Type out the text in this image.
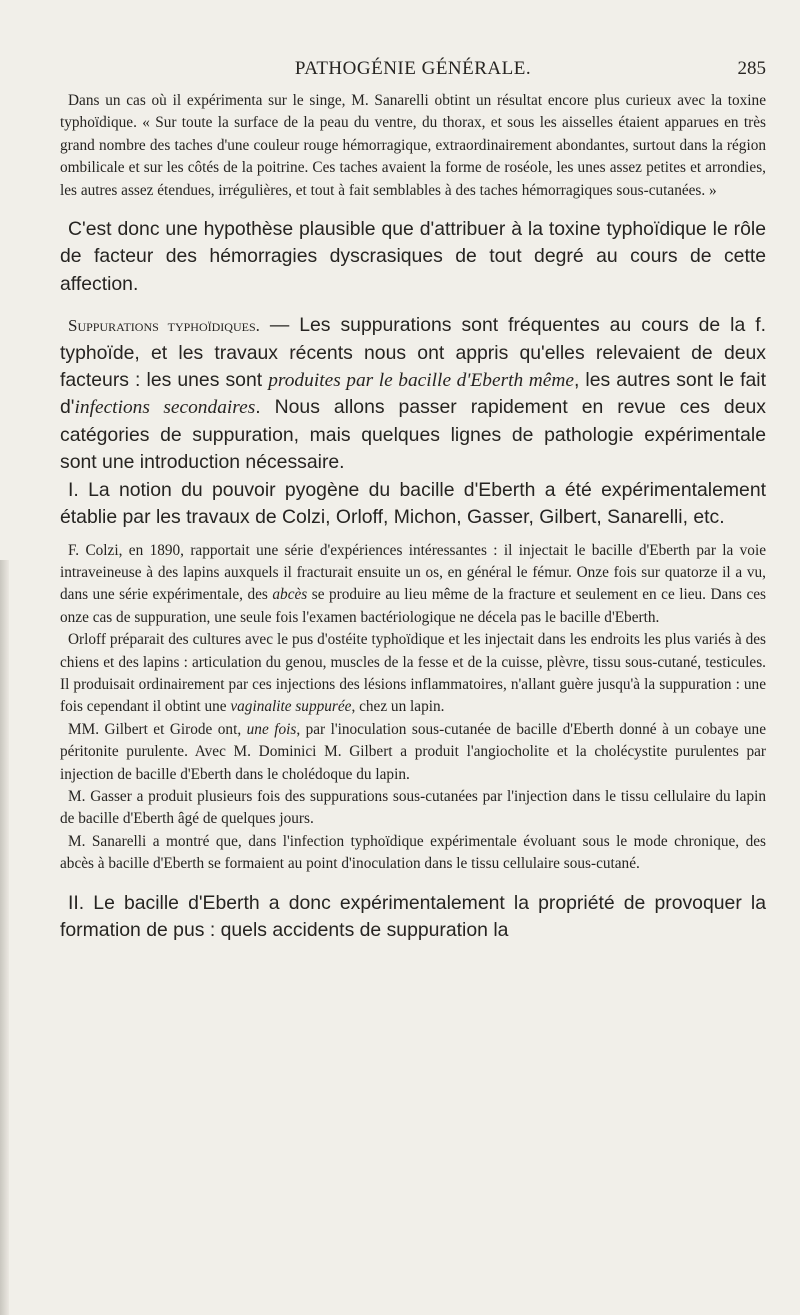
PATHOGÉNIE GÉNÉRALE.	285

Dans un cas où il expérimenta sur le singe, M. Sanarelli obtint un résultat encore plus curieux avec la toxine typhoïdique. « Sur toute la surface de la peau du ventre, du thorax, et sous les aisselles étaient apparues en très grand nombre des taches d'une couleur rouge hémorragique, extraordinairement abondantes, surtout dans la région ombilicale et sur les côtés de la poitrine. Ces taches avaient la forme de roséole, les unes assez petites et arrondies, les autres assez étendues, irrégulières, et tout à fait semblables à des taches hémorragiques sous-cutanées. »

C'est donc une hypothèse plausible que d'attribuer à la toxine typhoïdique le rôle de facteur des hémorragies dyscrasiques de tout degré au cours de cette affection.

Suppurations typhoïdiques. — Les suppurations sont fréquentes au cours de la f. typhoïde, et les travaux récents nous ont appris qu'elles relevaient de deux facteurs : les unes sont produites par le bacille d'Eberth même, les autres sont le fait d'infections secondaires. Nous allons passer rapidement en revue ces deux catégories de suppuration, mais quelques lignes de pathologie expérimentale sont une introduction nécessaire.

I. La notion du pouvoir pyogène du bacille d'Eberth a été expérimentalement établie par les travaux de Colzi, Orloff, Michon, Gasser, Gilbert, Sanarelli, etc.

F. Colzi, en 1890, rapportait une série d'expériences intéressantes : il injectait le bacille d'Eberth par la voie intraveineuse à des lapins auxquels il fracturait ensuite un os, en général le fémur. Onze fois sur quatorze il a vu, dans une série expérimentale, des abcès se produire au lieu même de la fracture et seulement en ce lieu. Dans ces onze cas de suppuration, une seule fois l'examen bactériologique ne décela pas le bacille d'Eberth.

Orloff préparait des cultures avec le pus d'ostéite typhoïdique et les injectait dans les endroits les plus variés à des chiens et des lapins : articulation du genou, muscles de la fesse et de la cuisse, plèvre, tissu sous-cutané, testicules. Il produisait ordinairement par ces injections des lésions inflammatoires, n'allant guère jusqu'à la suppuration : une fois cependant il obtint une vaginalite suppurée, chez un lapin.

MM. Gilbert et Girode ont, une fois, par l'inoculation sous-cutanée de bacille d'Eberth donné à un cobaye une péritonite purulente. Avec M. Dominici M. Gilbert a produit l'angiocholite et la cholécystite purulentes par injection de bacille d'Eberth dans le cholédoque du lapin.

M. Gasser a produit plusieurs fois des suppurations sous-cutanées par l'injection dans le tissu cellulaire du lapin de bacille d'Eberth âgé de quelques jours.

M. Sanarelli a montré que, dans l'infection typhoïdique expérimentale évoluant sous le mode chronique, des abcès à bacille d'Eberth se formaient au point d'inoculation dans le tissu cellulaire sous-cutané.

II. Le bacille d'Eberth a donc expérimentalement la propriété de provoquer la formation de pus : quels accidents de suppuration la
